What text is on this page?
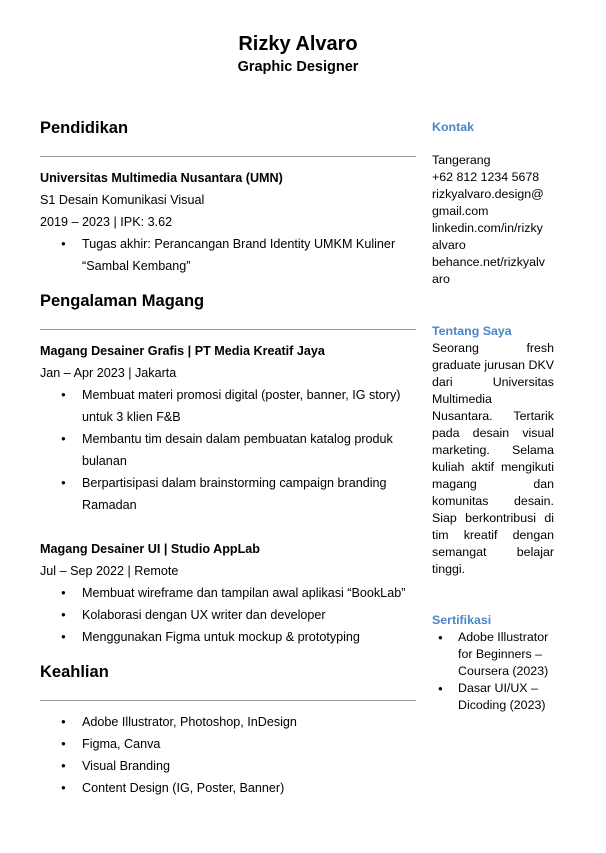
Rizky Alvaro
Graphic Designer
Pendidikan
Universitas Multimedia Nusantara (UMN)
S1 Desain Komunikasi Visual
2019 – 2023 | IPK: 3.62
● Tugas akhir: Perancangan Brand Identity UMKM Kuliner
“Sambal Kembang”
Pengalaman Magang
Magang Desainer Grafis | PT Media Kreatif Jaya
Jan – Apr 2023 | Jakarta
● Membuat materi promosi digital (poster, banner, IG story)
untuk 3 klien F&B
● Membantu tim desain dalam pembuatan katalog produk
bulanan
● Berpartisipasi dalam brainstorming campaign branding
Ramadan
Magang Desainer UI | Studio AppLab
Jul – Sep 2022 | Remote
● Membuat wireframe dan tampilan awal aplikasi “BookLab”
● Kolaborasi dengan UX writer dan developer
● Menggunakan Figma untuk mockup & prototyping
Keahlian
● Adobe Illustrator, Photoshop, InDesign
● Figma, Canva
● Visual Branding
● Content Design (IG, Poster, Banner)
Kontak
Tangerang
+62 812 1234 5678
rizkyalvaro.design@
gmail.com
linkedin.com/in/rizky
alvaro
behance.net/rizkyalv
aro
Tentang Saya
Seorang fresh graduate jurusan DKV dari Universitas Multimedia Nusantara. Tertarik pada desain visual marketing. Selama kuliah aktif mengikuti magang dan komunitas desain. Siap berkontribusi di tim kreatif dengan semangat belajar tinggi.
Sertifikasi
● Adobe Illustrator
for Beginners –
Coursera (2023)
● Dasar UI/UX –
Dicoding (2023)
